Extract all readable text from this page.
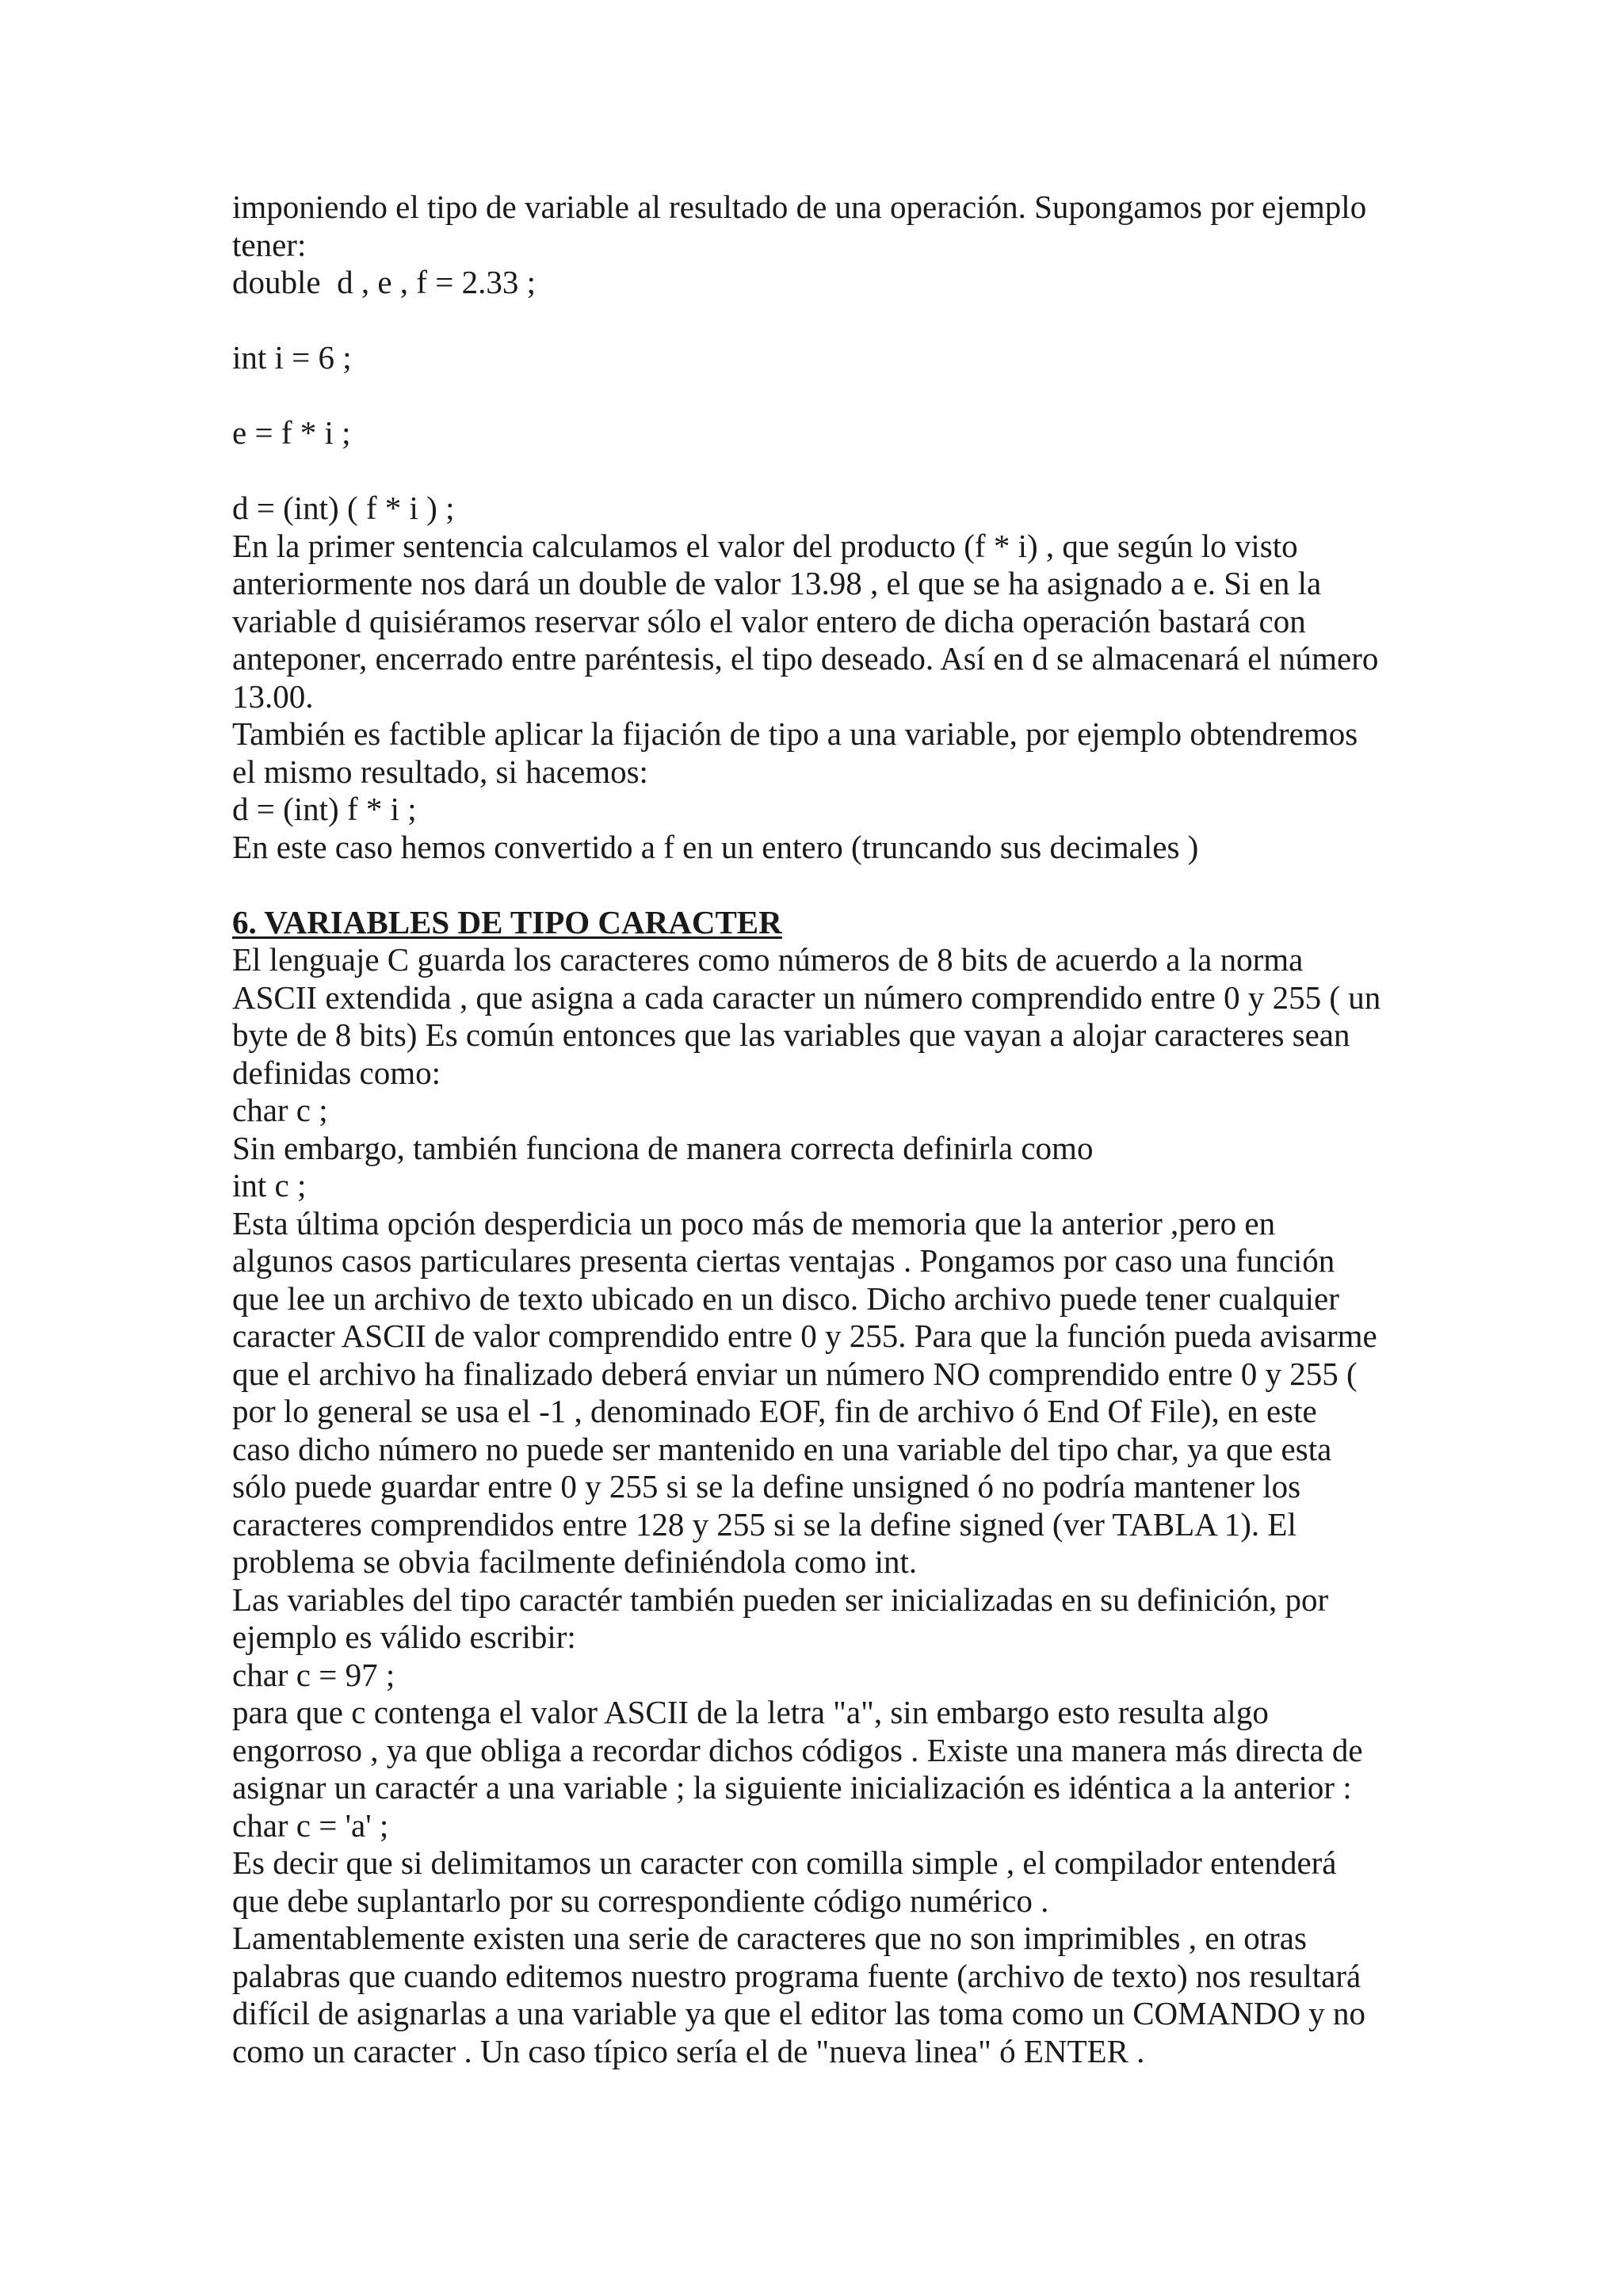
imponiendo el tipo de variable al resultado de una operación. Supongamos por ejemplo
tener:
double  d , e , f = 2.33 ;
int i = 6 ;
e = f * i ;
d = (int) ( f * i ) ;
En la primer sentencia calculamos el valor del producto (f * i) , que según lo visto
anteriormente nos dará un double de valor 13.98 , el que se ha asignado a e. Si en la
variable d quisiéramos reservar sólo el valor entero de dicha operación bastará con
anteponer, encerrado entre paréntesis, el tipo deseado. Así en d se almacenará el número
13.00.
También es factible aplicar la fijación de tipo a una variable, por ejemplo obtendremos
el mismo resultado, si hacemos:
d = (int) f * i ;
En este caso hemos convertido a f en un entero (truncando sus decimales )
6. VARIABLES DE TIPO CARACTER
El lenguaje C guarda los caracteres como números de 8 bits de acuerdo a la norma
ASCII extendida , que asigna a cada caracter un número comprendido entre 0 y 255 ( un
byte de 8 bits) Es común entonces que las variables que vayan a alojar caracteres sean
definidas como:
char c ;
Sin embargo, también funciona de manera correcta definirla como
int c ;
Esta última opción desperdicia un poco más de memoria que la anterior ,pero en
algunos casos particulares presenta ciertas ventajas . Pongamos por caso una función
que lee un archivo de texto ubicado en un disco. Dicho archivo puede tener cualquier
caracter ASCII de valor comprendido entre 0 y 255. Para que la función pueda avisarme
que el archivo ha finalizado deberá enviar un número NO comprendido entre 0 y 255 (
por lo general se usa el -1 , denominado EOF, fin de archivo ó End Of File), en este
caso dicho número no puede ser mantenido en una variable del tipo char, ya que esta
sólo puede guardar entre 0 y 255 si se la define unsigned ó no podría mantener los
caracteres comprendidos entre 128 y 255 si se la define signed (ver TABLA 1). El
problema se obvia facilmente definiéndola como int.
Las variables del tipo caractér también pueden ser inicializadas en su definición, por
ejemplo es válido escribir:
char c = 97 ;
para que c contenga el valor ASCII de la letra "a", sin embargo esto resulta algo
engorroso , ya que obliga a recordar dichos códigos . Existe una manera más directa de
asignar un caractér a una variable ; la siguiente inicialización es idéntica a la anterior :
char c = 'a' ;
Es decir que si delimitamos un caracter con comilla simple , el compilador entenderá
que debe suplantarlo por su correspondiente código numérico .
Lamentablemente existen una serie de caracteres que no son imprimibles , en otras
palabras que cuando editemos nuestro programa fuente (archivo de texto) nos resultará
difícil de asignarlas a una variable ya que el editor las toma como un COMANDO y no
como un caracter . Un caso típico sería el de "nueva linea" ó ENTER .
